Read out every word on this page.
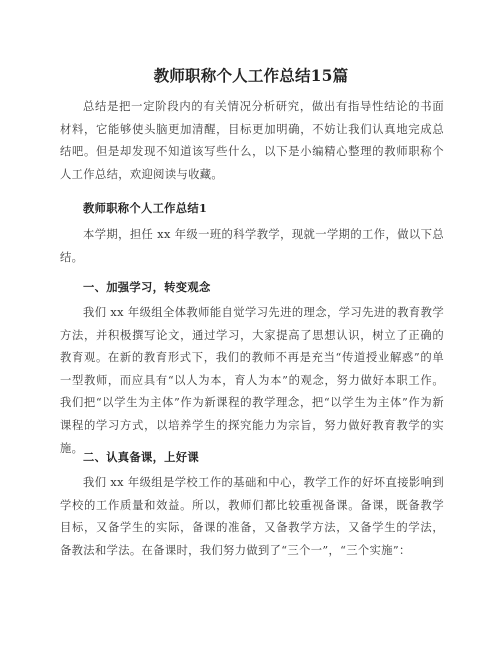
教师职称个人工作总结15篇

总结是把一定阶段内的有关情况分析研究，做出有指导性结论的书面材料，它能够使头脑更加清醒，目标更加明确，不妨让我们认真地完成总结吧。但是却发现不知道该写些什么，以下是小编精心整理的教师职称个人工作总结，欢迎阅读与收藏。

教师职称个人工作总结1

本学期，担任 xx 年级一班的科学教学，现就一学期的工作，做以下总结。

一、加强学习，转变观念

我们 xx 年级组全体教师能自觉学习先进的理念，学习先进的教育教学方法，并积极撰写论文，通过学习，大家提高了思想认识，树立了正确的教育观。在新的教育形式下，我们的教师不再是充当“传道授业解惑”的单一型教师，而应具有“以人为本，育人为本”的观念，努力做好本职工作。我们把“以学生为主体”作为新课程的教学理念，把“以学生为主体”作为新课程的学习方式，以培养学生的探究能力为宗旨，努力做好教育教学的实施。

二、认真备课，上好课

我们 xx 年级组是学校工作的基础和中心，教学工作的好坏直接影响到学校的工作质量和效益。所以，教师们都比较重视备课。备课，既备教学目标，又备学生的实际，备课的准备，又备教学方法，又备学生的学法，备教法和学法。在备课时，我们努力做到了“三个一”，“三个实施”：
